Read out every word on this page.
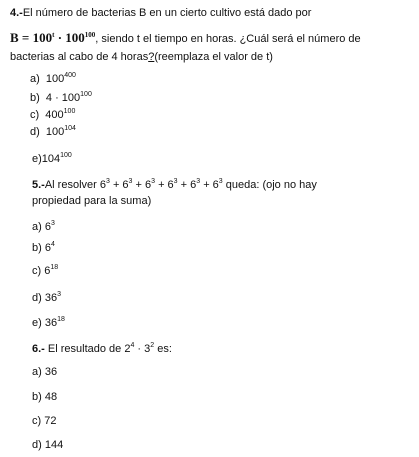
4.-El número de bacterias B en un cierto cultivo está dado por
$B = 100^t \cdot 100^{100}$, siendo t el tiempo en horas. ¿Cuál será el número de
bacterias al cabo de 4 horas?(reemplaza el valor de t)
a) $100^{400}$
b) $4 \cdot 100^{100}$
c) $400^{100}$
d) $100^{104}$
$e)104^{100}$
5.-Al resolver $6^3 + 6^3 + 6^3 + 6^3 + 6^3 + 6^3$ queda: (ojo no hay
propiedad para la suma)
a) $6^3$
b) $6^4$
c) $6^{18}$
d) $36^3$
e) $36^{18}$
6.- El resultado de $2^4 \cdot 3^2$ es:
a) 36
b) 48
c) 72
d) 144
